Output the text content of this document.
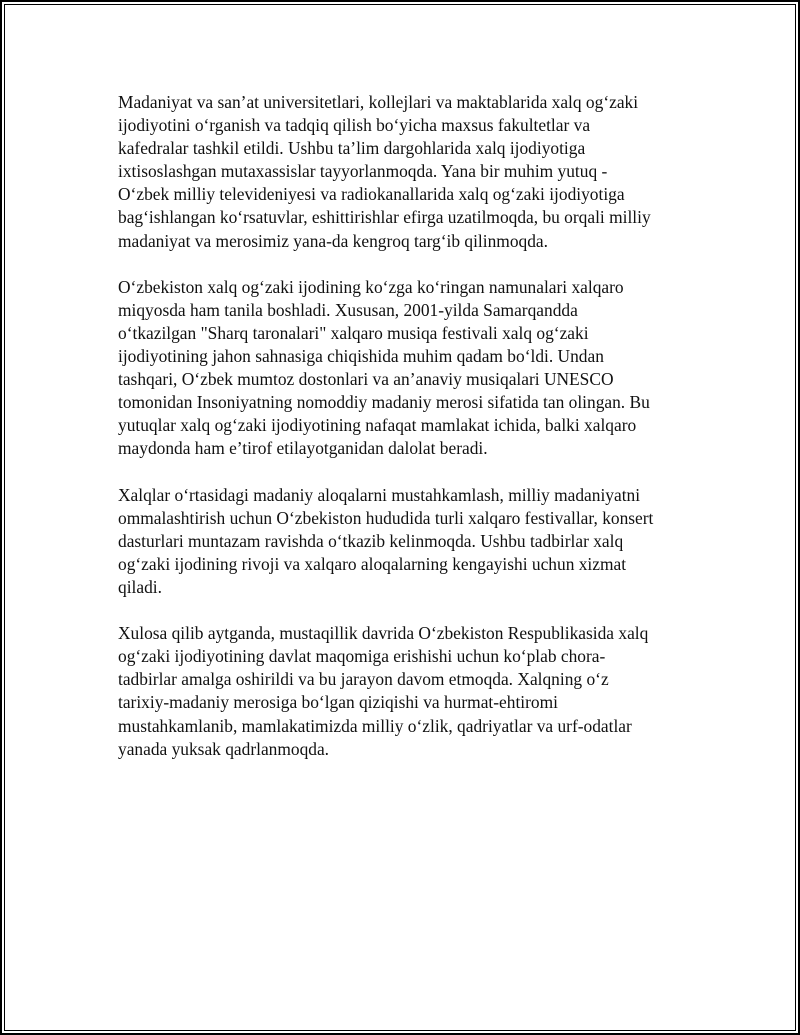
Madaniyat va san’at universitetlari, kollejlari va maktablarida xalq og‘zaki
ijodiyotini o‘rganish va tadqiq qilish bo‘yicha maxsus fakultetlar va
kafedralar tashkil etildi. Ushbu ta’lim dargohlarida xalq ijodiyotiga
ixtisoslashgan mutaxassislar tayyorlanmoqda. Yana bir muhim yutuq -
O‘zbek milliy televideniyesi va radiokanallarida xalq og‘zaki ijodiyotiga
bag‘ishlangan ko‘rsatuvlar, eshittirishlar efirga uzatilmoqda, bu orqali milliy
madaniyat va merosimiz yana-da kengroq targ‘ib qilinmoqda.

O‘zbekiston xalq og‘zaki ijodining ko‘zga ko‘ringan namunalari xalqaro
miqyosda ham tanila boshladi. Xususan, 2001-yilda Samarqandda
o‘tkazilgan "Sharq taronalari" xalqaro musiqa festivali xalq og‘zaki
ijodiyotining jahon sahnasiga chiqishida muhim qadam bo‘ldi. Undan
tashqari, O‘zbek mumtoz dostonlari va an’anaviy musiqalari UNESCO
tomonidan Insoniyatning nomoddiy madaniy merosi sifatida tan olingan. Bu
yutuqlar xalq og‘zaki ijodiyotining nafaqat mamlakat ichida, balki xalqaro
maydonda ham e’tirof etilayotganidan dalolat beradi.

Xalqlar o‘rtasidagi madaniy aloqalarni mustahkamlash, milliy madaniyatni
ommalashtirish uchun O‘zbekiston hududida turli xalqaro festivallar, konsert
dasturlari muntazam ravishda o‘tkazib kelinmoqda. Ushbu tadbirlar xalq
og‘zaki ijodining rivoji va xalqaro aloqalarning kengayishi uchun xizmat
qiladi.

Xulosa qilib aytganda, mustaqillik davrida O‘zbekiston Respublikasida xalq
og‘zaki ijodiyotining davlat maqomiga erishishi uchun ko‘plab chora-
tadbirlar amalga oshirildi va bu jarayon davom etmoqda. Xalqning o‘z
tarixiy-madaniy merosiga bo‘lgan qiziqishi va hurmat-ehtiromi
mustahkamlanib, mamlakatimizda milliy o‘zlik, qadriyatlar va urf-odatlar
yanada yuksak qadrlanmoqda.
